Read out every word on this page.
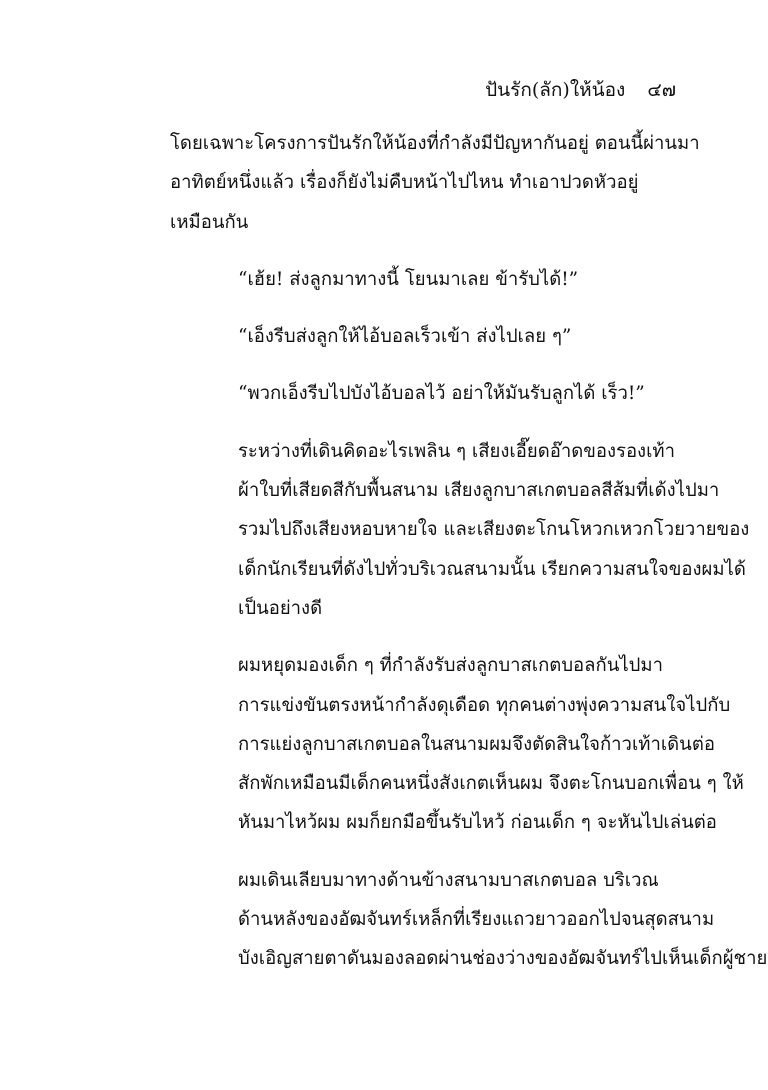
ปันรัก(ลัก)ให้น้อง ๔๗
โดยเฉพาะโครงการปันรักให้น้องที่กำลังมีปัญหากันอยู่ ตอนนี้ผ่านมา
อาทิตย์หนึ่งแล้ว เรื่องก็ยังไม่คืบหน้าไปไหน ทำเอาปวดหัวอยู่
เหมือนกัน
“เฮ้ย! ส่งลูกมาทางนี้ โยนมาเลย ข้ารับได้!”
“เอ็งรีบส่งลูกให้ไอ้บอลเร็วเข้า ส่งไปเลย ๆ”
“พวกเอ็งรีบไปบังไอ้บอลไว้ อย่าให้มันรับลูกได้ เร็ว!”
ระหว่างที่เดินคิดอะไรเพลิน ๆ เสียงเอี๊ยดอ๊าดของรองเท้า
ผ้าใบที่เสียดสีกับพื้นสนาม เสียงลูกบาสเกตบอลสีส้มที่เด้งไปมา
รวมไปถึงเสียงหอบหายใจ และเสียงตะโกนโหวกเหวกโวยวายของ
เด็กนักเรียนที่ดังไปทั่วบริเวณสนามนั้น เรียกความสนใจของผมได้
เป็นอย่างดี
ผมหยุดมองเด็ก ๆ ที่กำลังรับส่งลูกบาสเกตบอลกันไปมา
การแข่งขันตรงหน้ากำลังดุเดือด ทุกคนต่างพุ่งความสนใจไปกับ
การแย่งลูกบาสเกตบอลในสนามผมจึงตัดสินใจก้าวเท้าเดินต่อ
สักพักเหมือนมีเด็กคนหนึ่งสังเกตเห็นผม จึงตะโกนบอกเพื่อน ๆ ให้
หันมาไหว้ผม ผมก็ยกมือขึ้นรับไหว้ ก่อนเด็ก ๆ จะหันไปเล่นต่อ
ผมเดินเลียบมาทางด้านข้างสนามบาสเกตบอล บริเวณ
ด้านหลังของอัฒจันทร์เหล็กที่เรียงแถวยาวออกไปจนสุดสนาม
บังเอิญสายตาดันมองลอดผ่านช่องว่างของอัฒจันทร์ไปเห็นเด็กผู้ชาย
